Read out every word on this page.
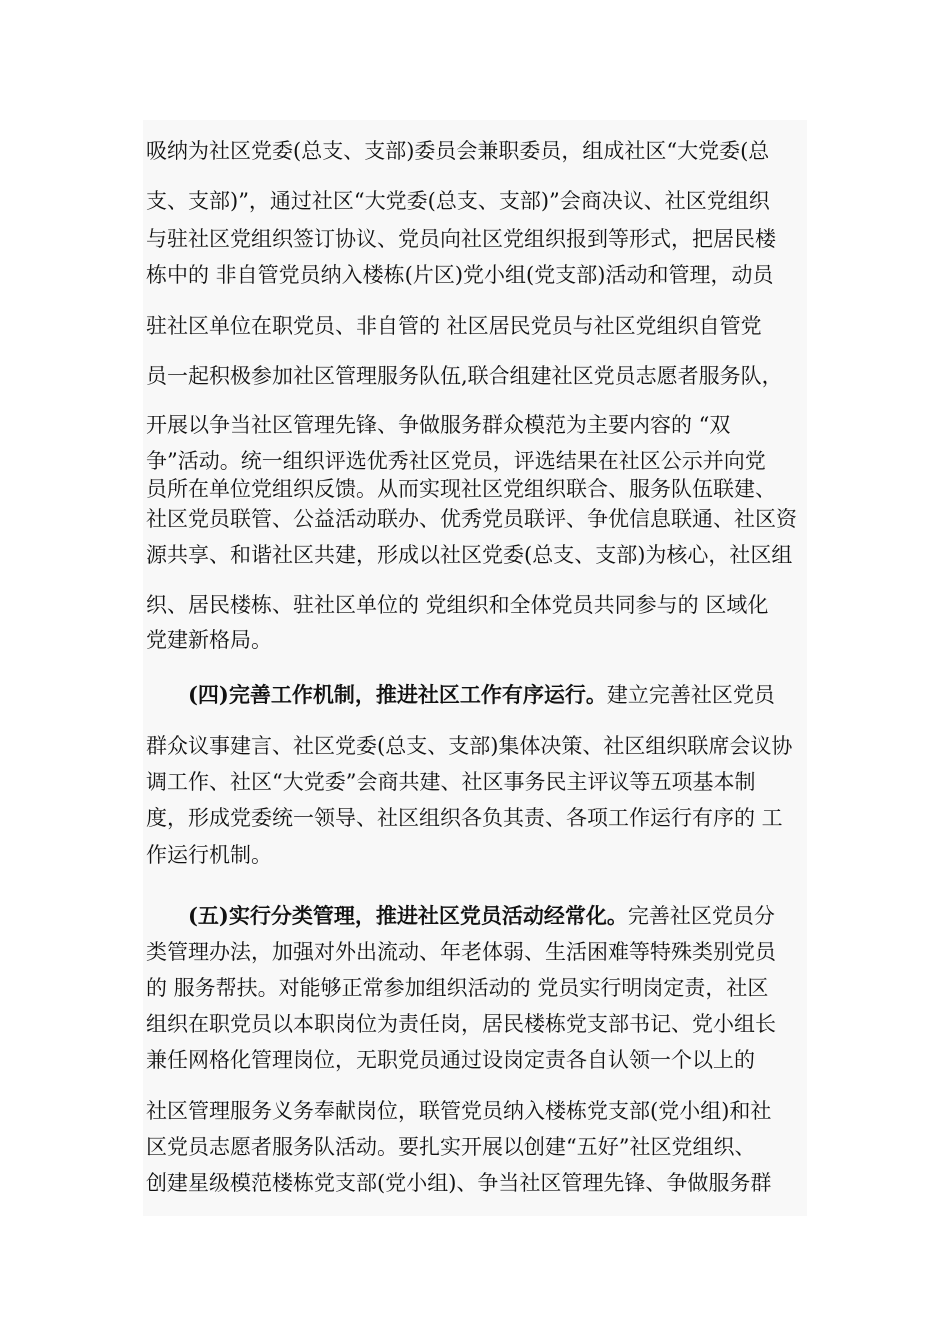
吸纳为社区党委(总支、支部)委员会兼职委员，组成社区“大党委(总
支、支部)”，通过社区“大党委(总支、支部)”会商决议、社区党组织
与驻社区党组织签订协议、党员向社区党组织报到等形式，把居民楼
栋中的 非自管党员纳入楼栋(片区)党小组(党支部)活动和管理，动员
驻社区单位在职党员、非自管的 社区居民党员与社区党组织自管党
员一起积极参加社区管理服务队伍,联合组建社区党员志愿者服务队，
开展以争当社区管理先锋、争做服务群众模范为主要内容的 “双
争”活动。统一组织评选优秀社区党员，评选结果在社区公示并向党
员所在单位党组织反馈。从而实现社区党组织联合、服务队伍联建、
社区党员联管、公益活动联办、优秀党员联评、争优信息联通、社区资
源共享、和谐社区共建，形成以社区党委(总支、支部)为核心，社区组
织、居民楼栋、驻社区单位的 党组织和全体党员共同参与的 区域化
党建新格局。
(四)完善工作机制，推进社区工作有序运行。建立完善社区党员
群众议事建言、社区党委(总支、支部)集体决策、社区组织联席会议协
调工作、社区“大党委”会商共建、社区事务民主评议等五项基本制
度，形成党委统一领导、社区组织各负其责、各项工作运行有序的 工
作运行机制。
(五)实行分类管理，推进社区党员活动经常化。完善社区党员分
类管理办法，加强对外出流动、年老体弱、生活困难等特殊类别党员
的 服务帮扶。对能够正常参加组织活动的 党员实行明岗定责，社区
组织在职党员以本职岗位为责任岗，居民楼栋党支部书记、党小组长
兼任网格化管理岗位，无职党员通过设岗定责各自认领一个以上的
社区管理服务义务奉献岗位，联管党员纳入楼栋党支部(党小组)和社
区党员志愿者服务队活动。要扎实开展以创建“五好”社区党组织、
创建星级模范楼栋党支部(党小组)、争当社区管理先锋、争做服务群
